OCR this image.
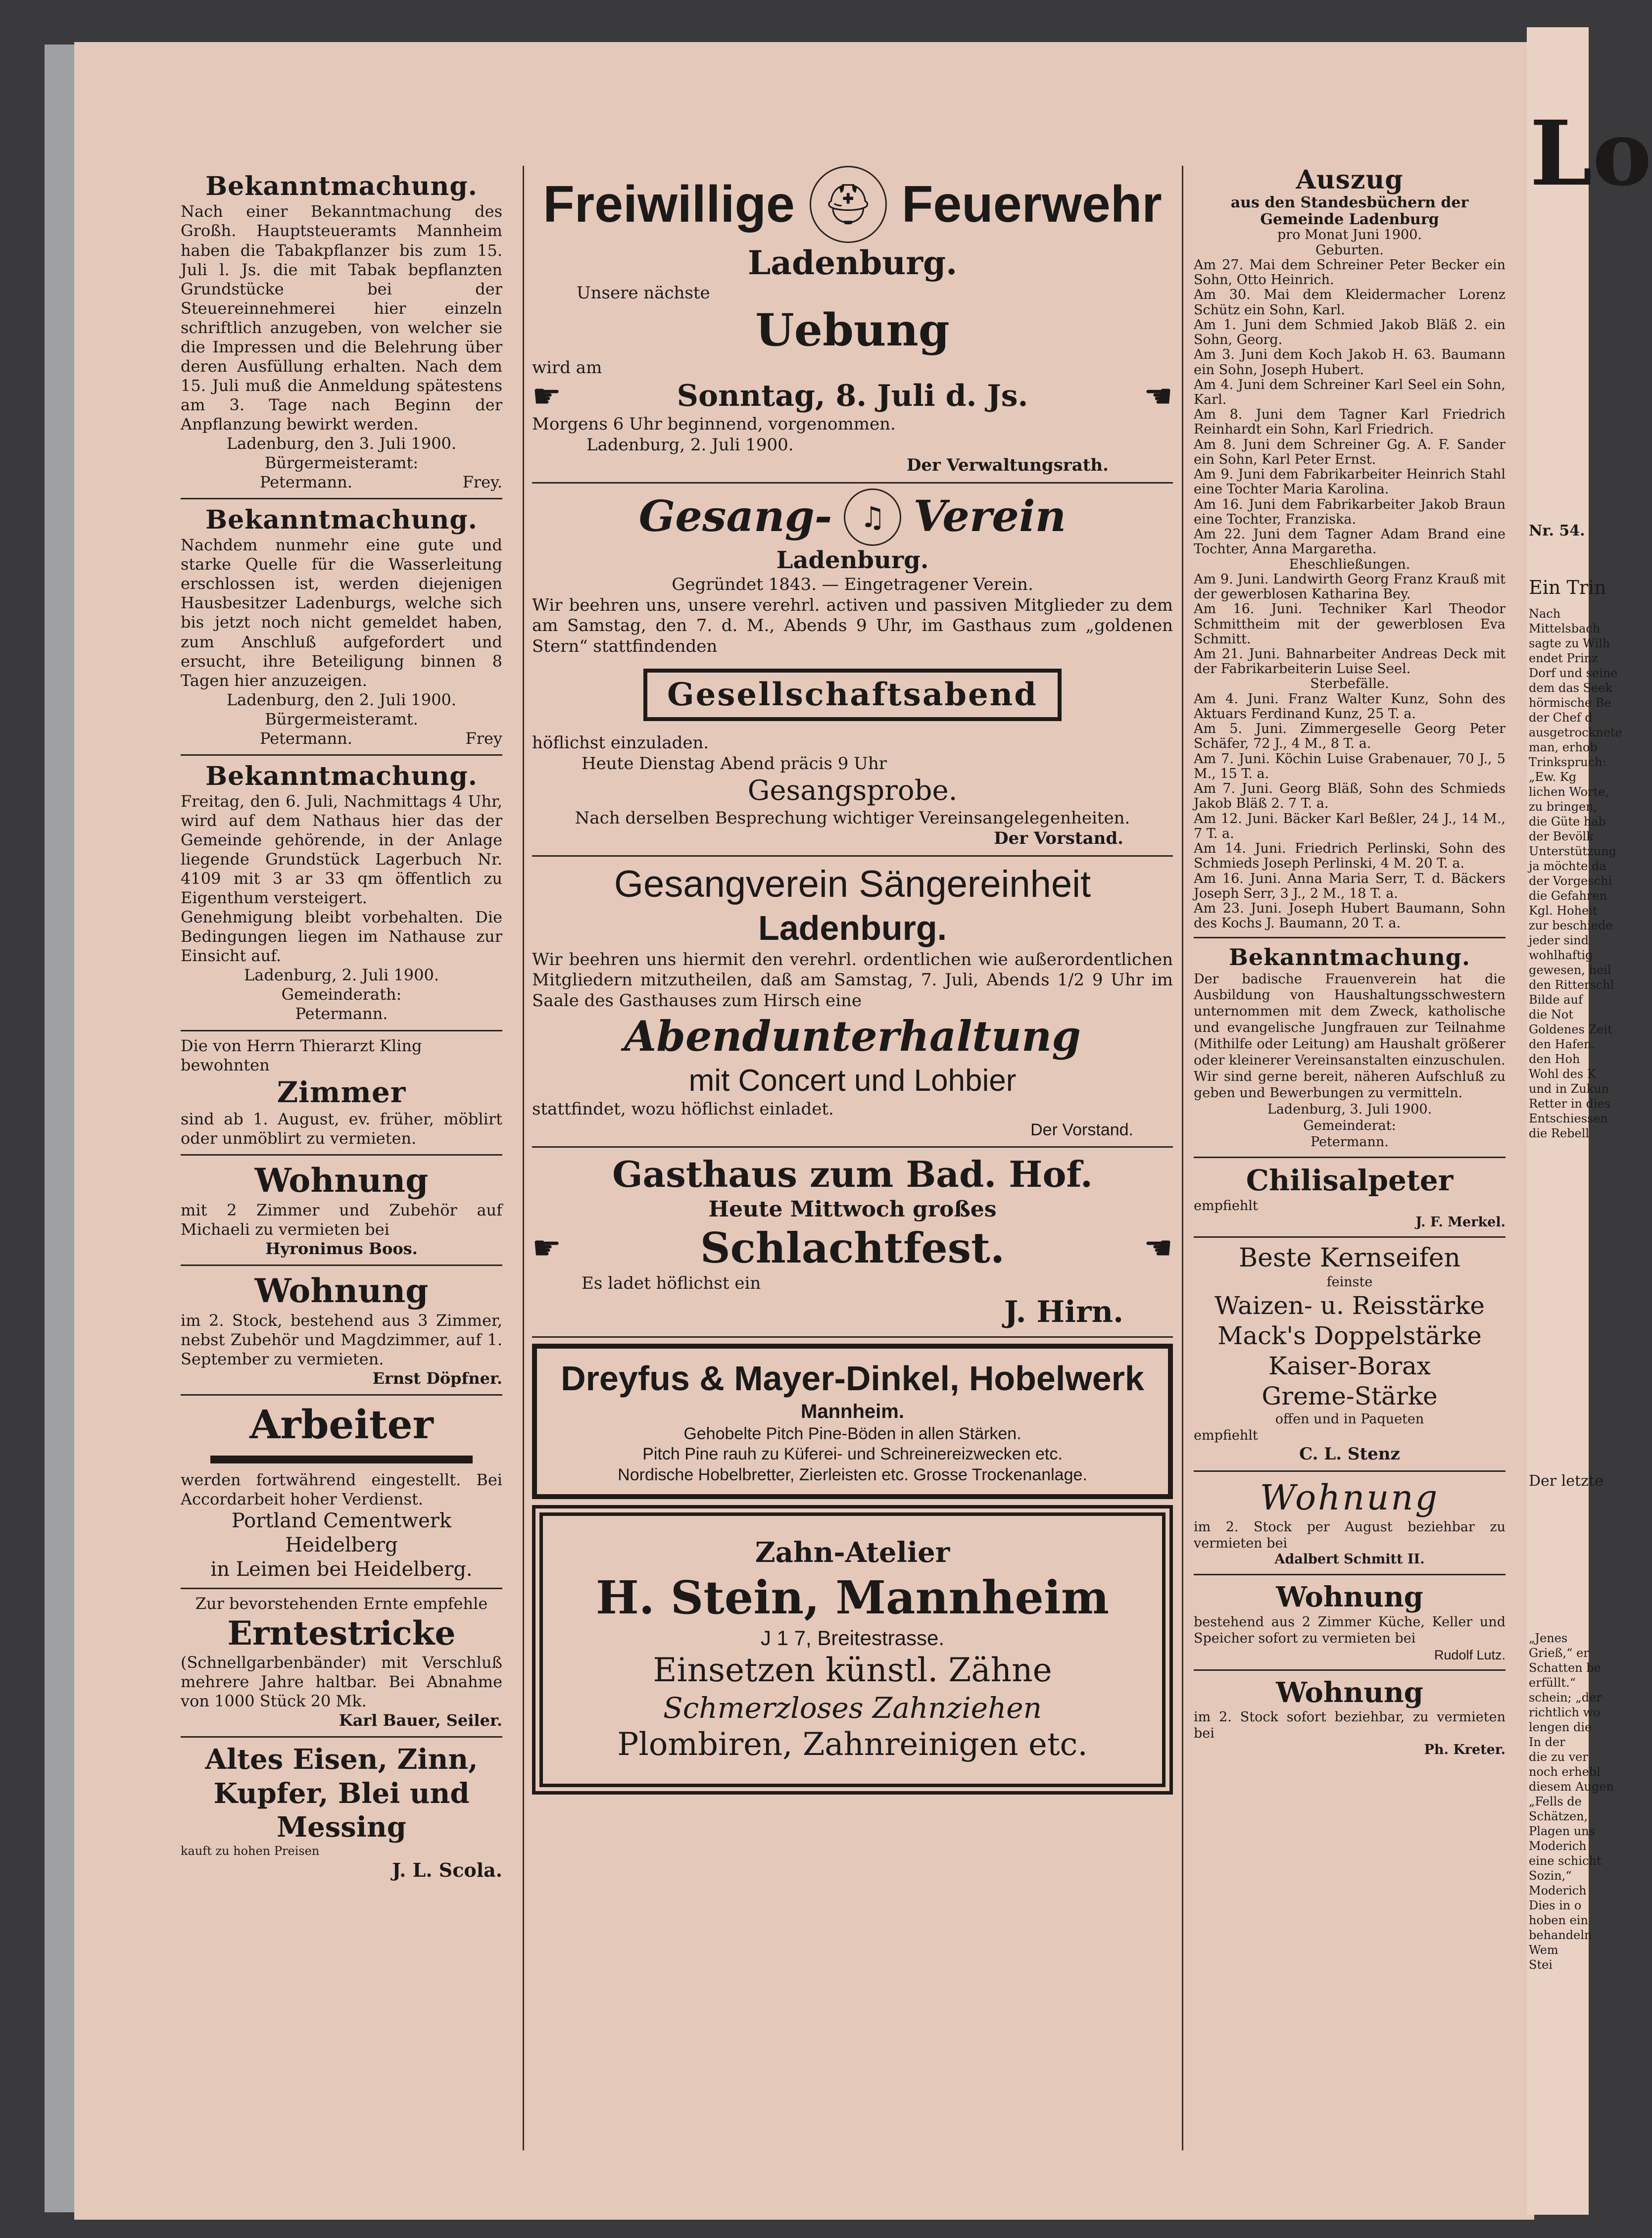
Bekanntmachung.

Nach einer Bekanntmachung des Großh. Hauptsteueramts Mannheim haben die Tabakpflanzer bis zum 15. Juli l. Js. die mit Tabak bepflanzten Grundstücke bei der Steuereinnehmerei hier einzeln schriftlich anzugeben, von welcher sie die Impressen und die Belehrung über deren Ausfüllung erhalten. Nach dem 15. Juli muß die Anmeldung spätestens am 3. Tage nach Beginn der Anpflanzung bewirkt werden.

Ladenburg, den 3. Juli 1900.

Bürgermeisteramt:

Petermann.	Frey.

Bekanntmachung.

Nachdem nunmehr eine gute und starke Quelle für die Wasserleitung erschlossen ist, werden diejenigen Hausbesitzer Ladenburgs, welche sich bis jetzt noch nicht gemeldet haben, zum Anschluß aufgefordert und ersucht, ihre Beteiligung binnen 8 Tagen hier anzuzeigen.

Ladenburg, den 2. Juli 1900.

Bürgermeisteramt.

Petermann.	Frey

Bekanntmachung.

Freitag, den 6. Juli, Nachmittags 4 Uhr, wird auf dem Nathaus hier das der Gemeinde gehörende, in der Anlage liegende Grundstück Lagerbuch Nr. 4109 mit 3 ar 33 qm öffentlich zu Eigenthum versteigert.

Genehmigung bleibt vorbehalten. Die Bedingungen liegen im Nathause zur Einsicht auf.

Ladenburg, 2. Juli 1900.

Gemeinderath:

Petermann.

Die von Herrn Thierarzt Kling bewohnten

Zimmer

sind ab 1. August, ev. früher, möblirt oder unmöblirt zu vermieten.

Wohnung

mit 2 Zimmer und Zubehör auf Michaeli zu vermieten bei

Hyronimus Boos.

Wohnung

im 2. Stock, bestehend aus 3 Zimmer, nebst Zubehör und Magdzimmer, auf 1. September zu vermieten.

Ernst Döpfner.

Arbeiter

werden fortwährend eingestellt. Bei Accordarbeit hoher Verdienst.

Portland Cementwerk Heidelberg

in Leimen bei Heidelberg.

Zur bevorstehenden Ernte empfehle

Erntestricke

(Schnellgarbenbänder) mit Verschluß mehrere Jahre haltbar. Bei Abnahme von 1000 Stück 20 Mk.

Karl Bauer, Seiler.

Altes Eisen, Zinn, Kupfer, Blei und Messing

kauft zu hohen Preisen

J. L. Scola.

Freiwillige ⛑ Feuerwehr

Ladenburg.

Unsere nächste

Uebung

wird am

☛	Sonntag, 8. Juli d. Js.	☚

Morgens 6 Uhr beginnend, vorgenommen.

Ladenburg, 2. Juli 1900.

Der Verwaltungsrath.

Gesang- ♫ Verein

Ladenburg.

Gegründet 1843. — Eingetragener Verein.

Wir beehren uns, unsere verehrl. activen und passiven Mitglieder zu dem am Samstag, den 7. d. M., Abends 9 Uhr, im Gasthaus zum „goldenen Stern“ stattfindenden

Gesellschaftsabend

höflichst einzuladen.

Heute Dienstag Abend präcis 9 Uhr

Gesangsprobe.

Nach derselben Besprechung wichtiger Vereinsangelegenheiten.

Der Vorstand.

Gesangverein Sängereinheit

Ladenburg.

Wir beehren uns hiermit den verehrl. ordentlichen wie außerordentlichen Mitgliedern mitzutheilen, daß am Samstag, 7. Juli, Abends 1/2 9 Uhr im Saale des Gasthauses zum Hirsch eine

Abendunterhaltung

mit Concert und Lohbier

stattfindet, wozu höflichst einladet.

Der Vorstand.

Gasthaus zum Bad. Hof.

Heute Mittwoch großes

☛	Schlachtfest.	☚

Es ladet höflichst ein

J. Hirn.

Dreyfus & Mayer-Dinkel, Hobelwerk

Mannheim.

Gehobelte Pitch Pine-Böden in allen Stärken.

Pitch Pine rauh zu Küferei- und Schreinereizwecken etc.

Nordische Hobelbretter, Zierleisten etc. Grosse Trockenanlage.

Zahn-Atelier

H. Stein, Mannheim

J 1 7, Breitestrasse.

Einsetzen künstl. Zähne

Schmerzloses Zahnziehen

Plombiren, Zahnreinigen etc.

Auszug

aus den Standesbüchern der Gemeinde Ladenburg

pro Monat Juni 1900.

Geburten.

Am 27. Mai dem Schreiner Peter Becker ein Sohn, Otto Heinrich.

Am 30. Mai dem Kleidermacher Lorenz Schütz ein Sohn, Karl.

Am 1. Juni dem Schmied Jakob Bläß 2. ein Sohn, Georg.

Am 3. Juni dem Koch Jakob H. 63. Baumann ein Sohn, Joseph Hubert.

Am 4. Juni dem Schreiner Karl Seel ein Sohn, Karl.

Am 8. Juni dem Tagner Karl Friedrich Reinhardt ein Sohn, Karl Friedrich.

Am 8. Juni dem Schreiner Gg. A. F. Sander ein Sohn, Karl Peter Ernst.

Am 9. Juni dem Fabrikarbeiter Heinrich Stahl eine Tochter Maria Karolina.

Am 16. Juni dem Fabrikarbeiter Jakob Braun eine Tochter, Franziska.

Am 22. Juni dem Tagner Adam Brand eine Tochter, Anna Margaretha.

Eheschließungen.

Am 9. Juni. Landwirth Georg Franz Krauß mit der gewerblosen Katharina Bey.

Am 16. Juni. Techniker Karl Theodor Schmittheim mit der gewerblosen Eva Schmitt.

Am 21. Juni. Bahnarbeiter Andreas Deck mit der Fabrikarbeiterin Luise Seel.

Sterbefälle.

Am 4. Juni. Franz Walter Kunz, Sohn des Aktuars Ferdinand Kunz, 25 T. a.

Am 5. Juni. Zimmergeselle Georg Peter Schäfer, 72 J., 4 M., 8 T. a.

Am 7. Juni. Köchin Luise Grabenauer, 70 J., 5 M., 15 T. a.

Am 7. Juni. Georg Bläß, Sohn des Schmieds Jakob Bläß 2. 7 T. a.

Am 12. Juni. Bäcker Karl Beßler, 24 J., 14 M., 7 T. a.

Am 14. Juni. Friedrich Perlinski, Sohn des Schmieds Joseph Perlinski, 4 M. 20 T. a.

Am 16. Juni. Anna Maria Serr, T. d. Bäckers Joseph Serr, 3 J., 2 M., 18 T. a.

Am 23. Juni. Joseph Hubert Baumann, Sohn des Kochs J. Baumann, 20 T. a.

Bekanntmachung.

Der badische Frauenverein hat die Ausbildung von Haushaltungsschwestern unternommen mit dem Zweck, katholische und evangelische Jungfrauen zur Teilnahme (Mithilfe oder Leitung) am Haushalt größerer oder kleinerer Vereinsanstalten einzuschulen.

Wir sind gerne bereit, näheren Aufschluß zu geben und Bewerbungen zu vermitteln.

Ladenburg, 3. Juli 1900.

Gemeinderat:

Petermann.

Chilisalpeter

empfiehlt

J. F. Merkel.

Beste Kernseifen

feinste

Waizen- u. Reisstärke

Mack's Doppelstärke

Kaiser-Borax

Greme-Stärke

offen und in Paqueten

empfiehlt

C. L. Stenz

Wohnung

im 2. Stock per August beziehbar zu vermieten bei

Adalbert Schmitt II.

Wohnung

bestehend aus 2 Zimmer Küche, Keller und Speicher sofort zu vermieten bei

Rudolf Lutz.

Wohnung

im 2. Stock sofort beziehbar, zu vermieten bei

Ph. Kreter.

Lo
Nr. 54.
Ein Trin
Nach
Mittelsbach
sagte zu Wilh
endet Prinz
Dorf und seine
dem das Seek
hörmische Be
der Chef d
ausgetrocknete
man, erhob
Trinkspruch:
„Ew. Kg
lichen Worte,
zu bringen,
die Güte hab
der Bevölk
Unterstützung
ja möchte da
der Vorgeschi
die Gefahren
Kgl. Hoheit
zur beschiede
jeder sind
wohlhaftig
gewesen, heil
den Ritterschl
Bilde auf
die Not
Goldenes Zeit
den Hafen.
den Hoh
Wohl des K
und in Zukun
Retter in dies
Entschiessen
die Rebell
Der letzte
„Jenes
Grieß,“ er
Schatten be
erfüllt.“
schein; „der
richtlich wo
lengen die
In der
die zu ver
noch erhebl
diesem Augen
„Fells de
Schätzen,
Plagen uns
Moderich
eine schicht
Sozin,“
Moderich
Dies in o
hoben ein
behandeln
Wem
Stei
